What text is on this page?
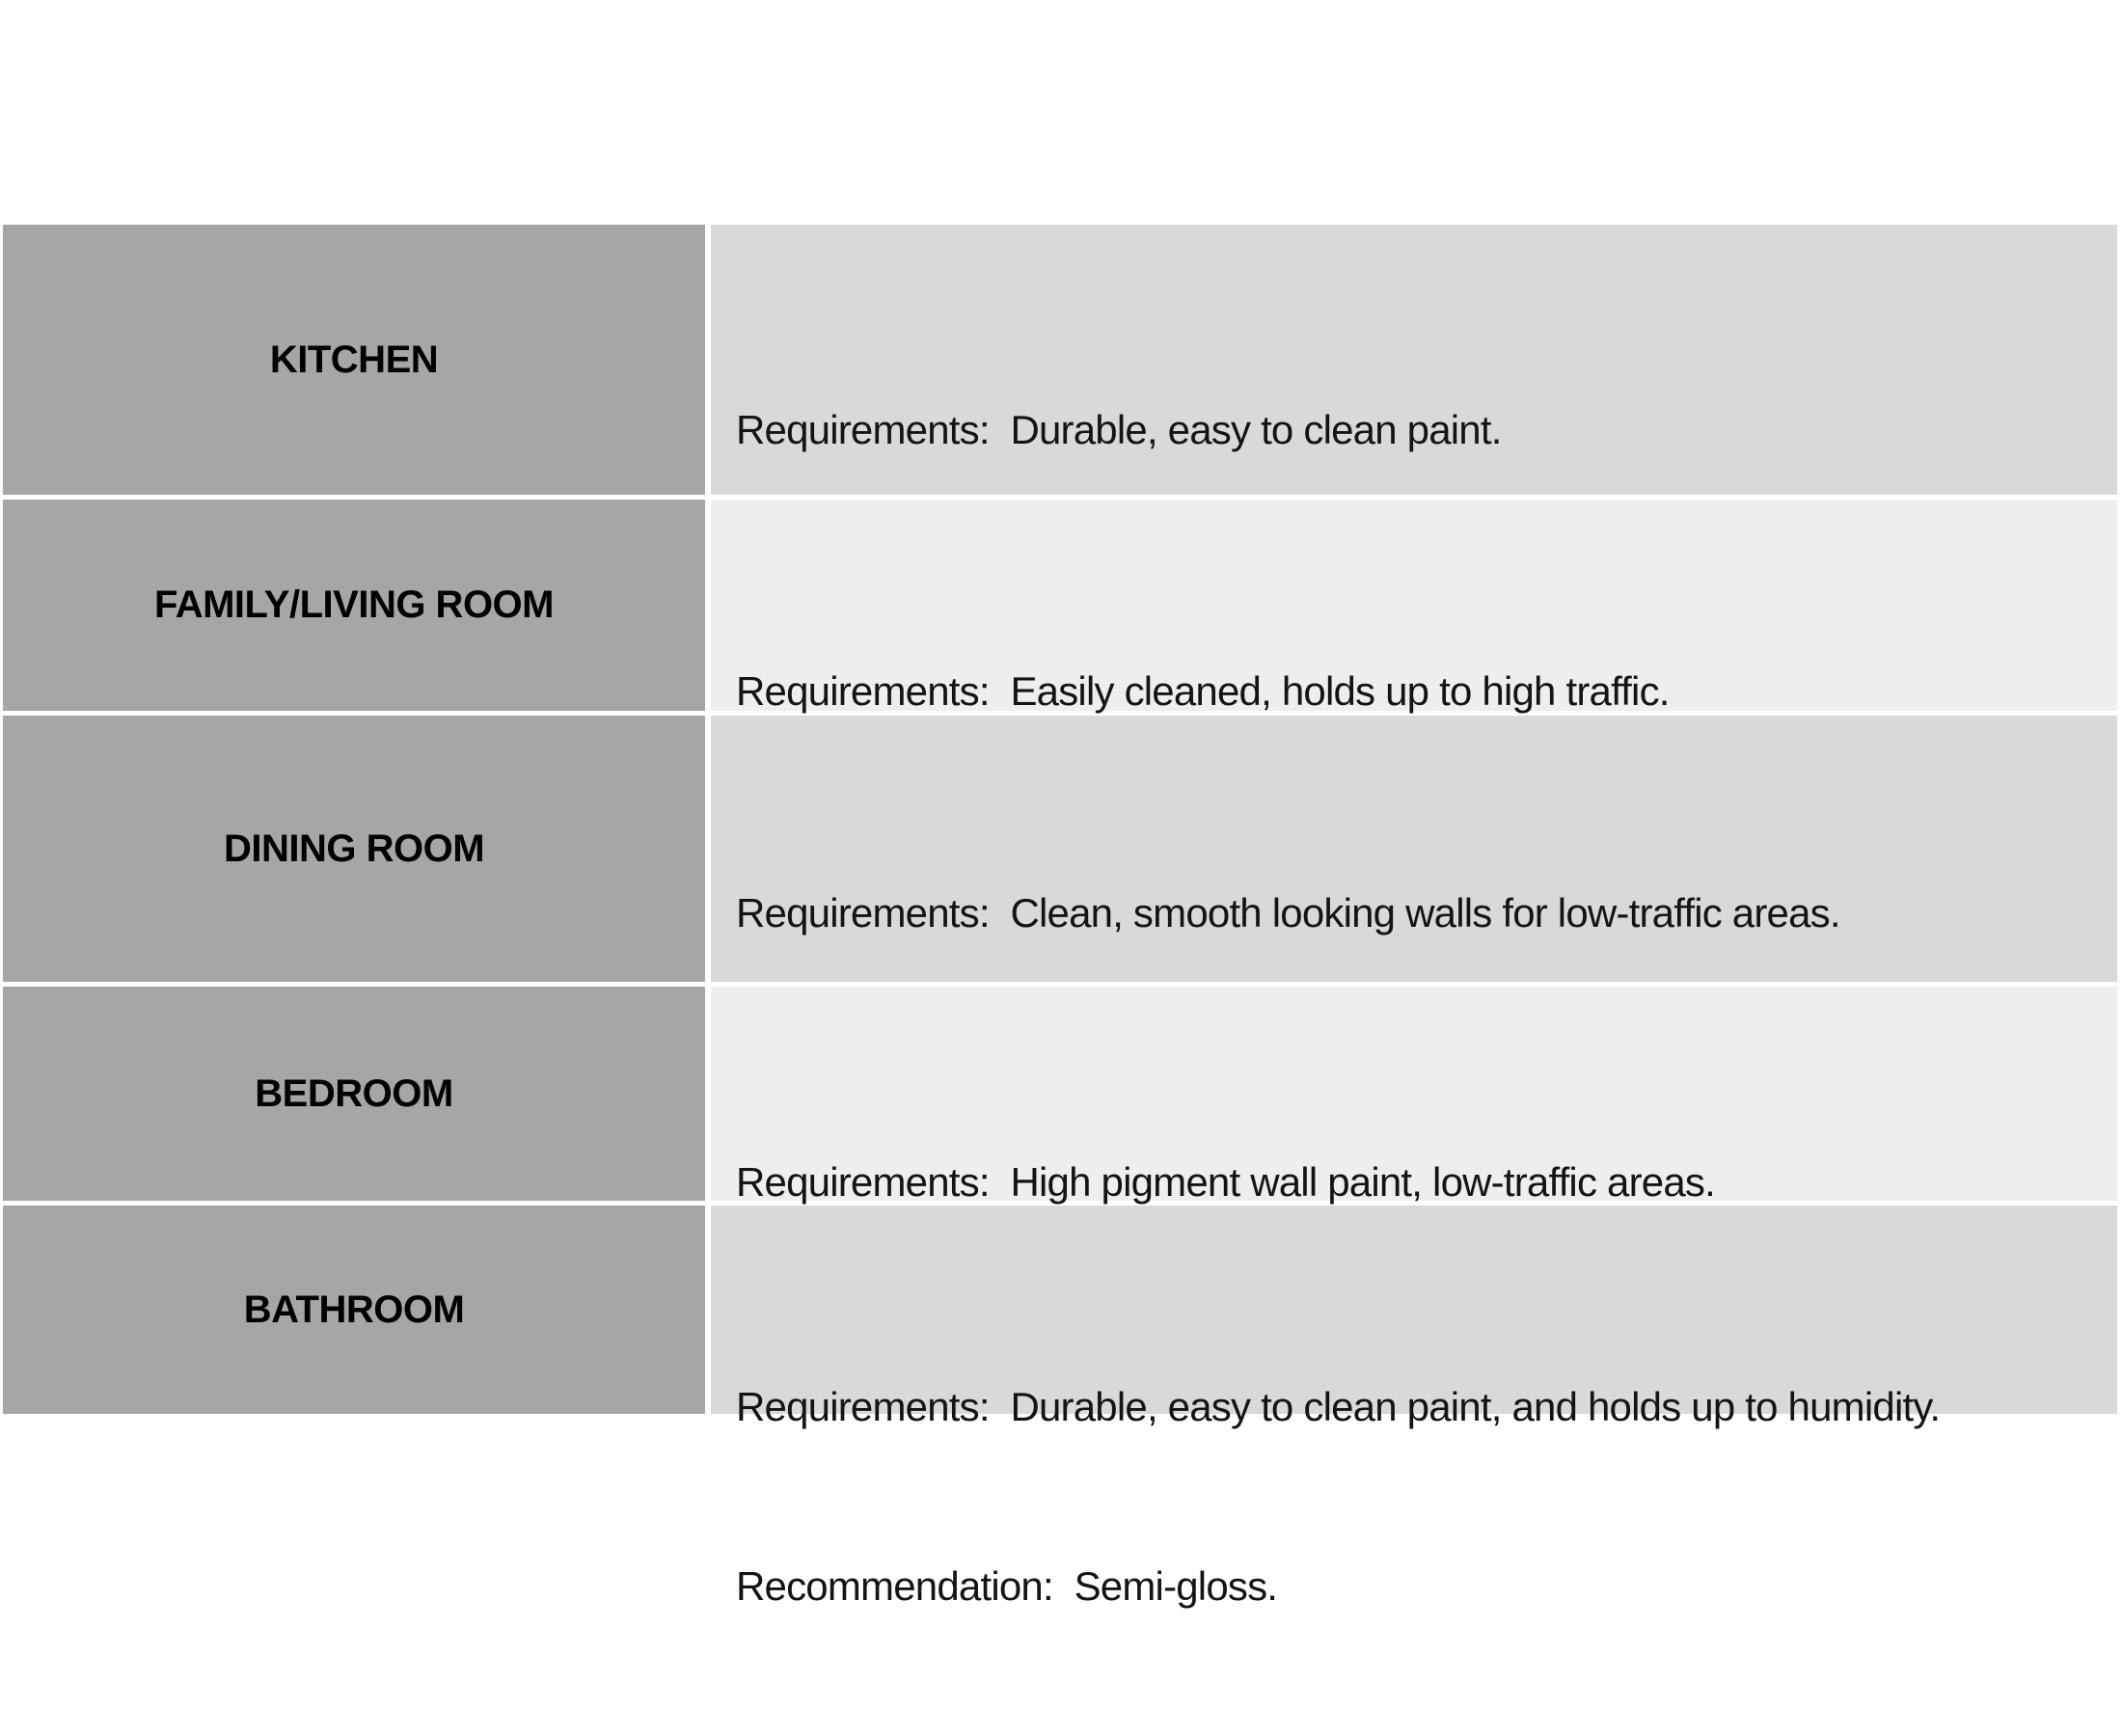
KITCHEN

Requirements:  Durable, easy to clean paint.

FAMILY/LIVING ROOM

Requirements:  Easily cleaned, holds up to high traffic.

DINING ROOM

Requirements:  Clean, smooth looking walls for low-traffic areas.

BEDROOM

Requirements:  High pigment wall paint, low-traffic areas.

BATHROOM

Requirements:  Durable, easy to clean paint, and holds up to humidity.

Recommendation:  Semi-gloss.
